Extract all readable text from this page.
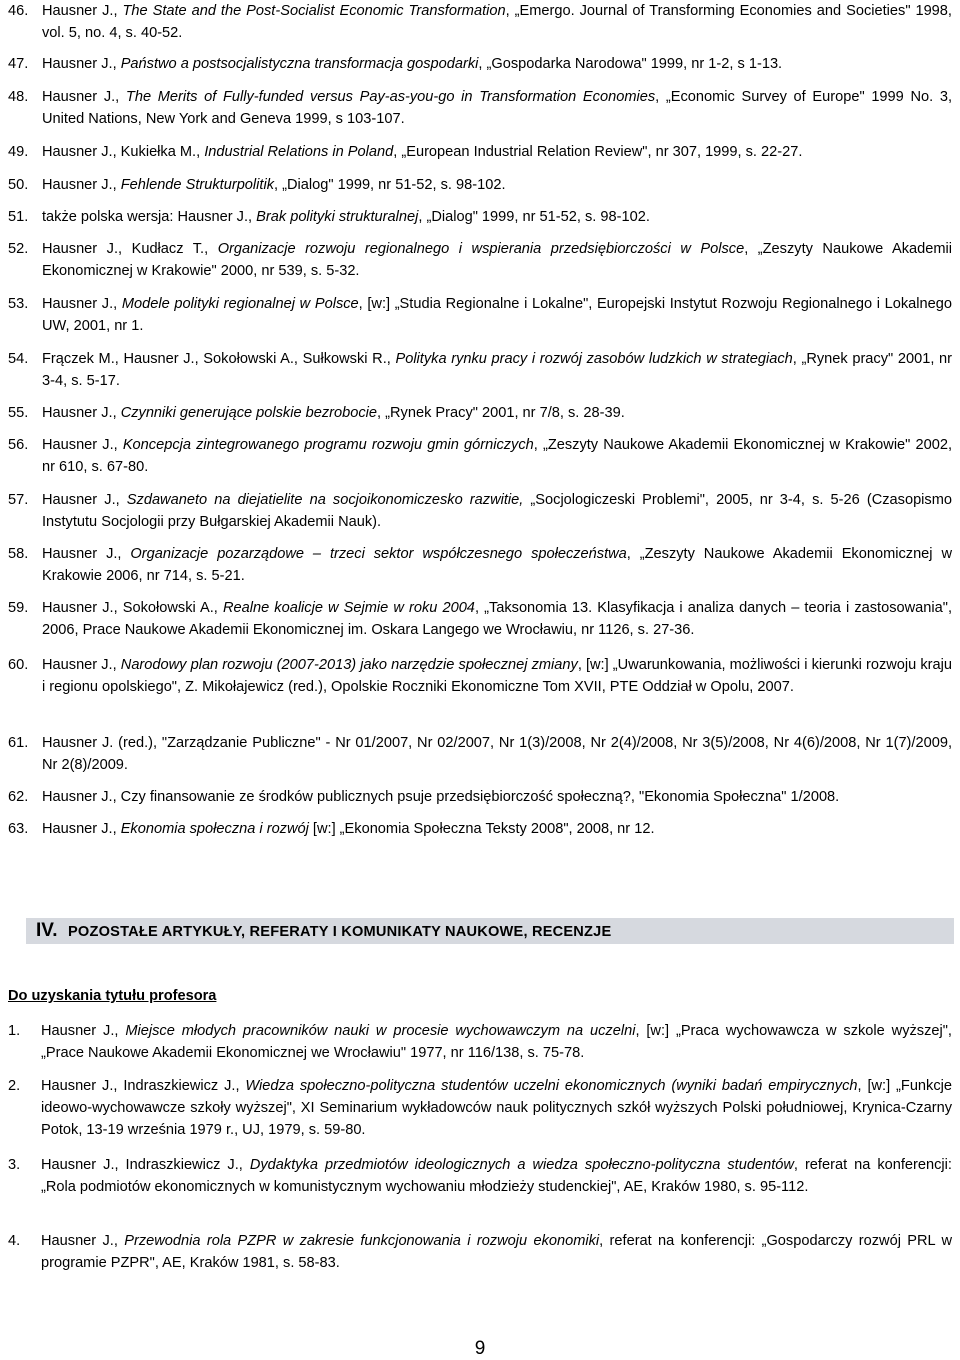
46. Hausner J., The State and the Post-Socialist Economic Transformation, „Emergo. Journal of Transforming Economies and Societies" 1998, vol. 5, no. 4, s. 40-52.
47. Hausner J., Państwo a postsocjalistyczna transformacja gospodarki, „Gospodarka Narodowa" 1999, nr 1-2, s 1-13.
48. Hausner J., The Merits of Fully-funded versus Pay-as-you-go in Transformation Economies, „Economic Survey of Europe" 1999 No. 3, United Nations, New York and Geneva 1999, s 103-107.
49. Hausner J., Kukiełka M., Industrial Relations in Poland, „European Industrial Relation Review", nr 307, 1999, s. 22-27.
50. Hausner J., Fehlende Strukturpolitik, „Dialog" 1999, nr 51-52, s. 98-102.
51. także polska wersja: Hausner J., Brak polityki strukturalnej, „Dialog" 1999, nr 51-52, s. 98-102.
52. Hausner J., Kudłacz T., Organizacje rozwoju regionalnego i wspierania przedsiębiorczości w Polsce, „Zeszyty Naukowe Akademii Ekonomicznej w Krakowie" 2000, nr 539, s. 5-32.
53. Hausner J., Modele polityki regionalnej w Polsce, [w:] „Studia Regionalne i Lokalne", Europejski Instytut Rozwoju Regionalnego i Lokalnego UW, 2001, nr 1.
54. Frączek M., Hausner J., Sokołowski A., Sułkowski R., Polityka rynku pracy i rozwój zasobów ludzkich w strategiach, „Rynek pracy" 2001, nr 3-4, s. 5-17.
55. Hausner J., Czynniki generujące polskie bezrobocie, „Rynek Pracy" 2001, nr 7/8, s. 28-39.
56. Hausner J., Koncepcja zintegrowanego programu rozwoju gmin górniczych, „Zeszyty Naukowe Akademii Ekonomicznej w Krakowie" 2002, nr 610, s. 67-80.
57. Hausner J., Szdawaneto na diejatielite na socjoikonomiczesko razwitie, „Socjologiczeski Problemi", 2005, nr 3-4, s. 5-26 (Czasopismo Instytutu Socjologii przy Bułgarskiej Akademii Nauk).
58. Hausner J., Organizacje pozarządowe – trzeci sektor współczesnego społeczeństwa, „Zeszyty Naukowe Akademii Ekonomicznej w Krakowie 2006, nr 714, s. 5-21.
59. Hausner J., Sokołowski A., Realne koalicje w Sejmie w roku 2004, „Taksonomia 13. Klasyfikacja i analiza danych – teoria i zastosowania", 2006, Prace Naukowe Akademii Ekonomicznej im. Oskara Langego we Wrocławiu, nr 1126, s. 27-36.
60. Hausner J., Narodowy plan rozwoju (2007-2013) jako narzędzie społecznej zmiany, [w:] „Uwarunkowania, możliwości i kierunki rozwoju kraju i regionu opolskiego", Z. Mikołajewicz (red.), Opolskie Roczniki Ekonomiczne Tom XVII, PTE Oddział w Opolu, 2007.
61. Hausner J. (red.), "Zarządzanie Publiczne" - Nr 01/2007, Nr 02/2007, Nr 1(3)/2008, Nr 2(4)/2008, Nr 3(5)/2008, Nr 4(6)/2008, Nr 1(7)/2009, Nr 2(8)/2009.
62. Hausner J., Czy finansowanie ze środków publicznych psuje przedsiębiorczość społeczną?, "Ekonomia Społeczna" 1/2008.
63. Hausner J., Ekonomia społeczna i rozwój [w:] „Ekonomia Społeczna Teksty 2008", 2008, nr 12.
IV. POZOSTAŁE ARTYKUŁY, REFERATY I KOMUNIKATY NAUKOWE, RECENZJE
Do uzyskania tytułu profesora
1.	Hausner J., Miejsce młodych pracowników nauki w procesie wychowawczym na uczelni, [w:] „Praca wychowawcza w szkole wyższej", „Prace Naukowe Akademii Ekonomicznej we Wrocławiu" 1977, nr 116/138, s. 75-78.
2.	Hausner J., Indraszkiewicz J., Wiedza społeczno-polityczna studentów uczelni ekonomicznych (wyniki badań empirycznych, [w:] „Funkcje ideowo-wychowawcze szkoły wyższej", XI Seminarium wykładowców nauk politycznych szkół wyższych Polski południowej, Krynica-Czarny Potok, 13-19 września 1979 r., UJ, 1979, s. 59-80.
3.	Hausner J., Indraszkiewicz J., Dydaktyka przedmiotów ideologicznych a wiedza społeczno-polityczna studentów, referat na konferencji: „Rola podmiotów ekonomicznych w komunistycznym wychowaniu młodzieży studenckiej", AE, Kraków 1980, s. 95-112.
4.	Hausner J., Przewodnia rola PZPR w zakresie funkcjonowania i rozwoju ekonomiki, referat na konferencji: „Gospodarczy rozwój PRL w programie PZPR", AE, Kraków 1981, s. 58-83.
9
